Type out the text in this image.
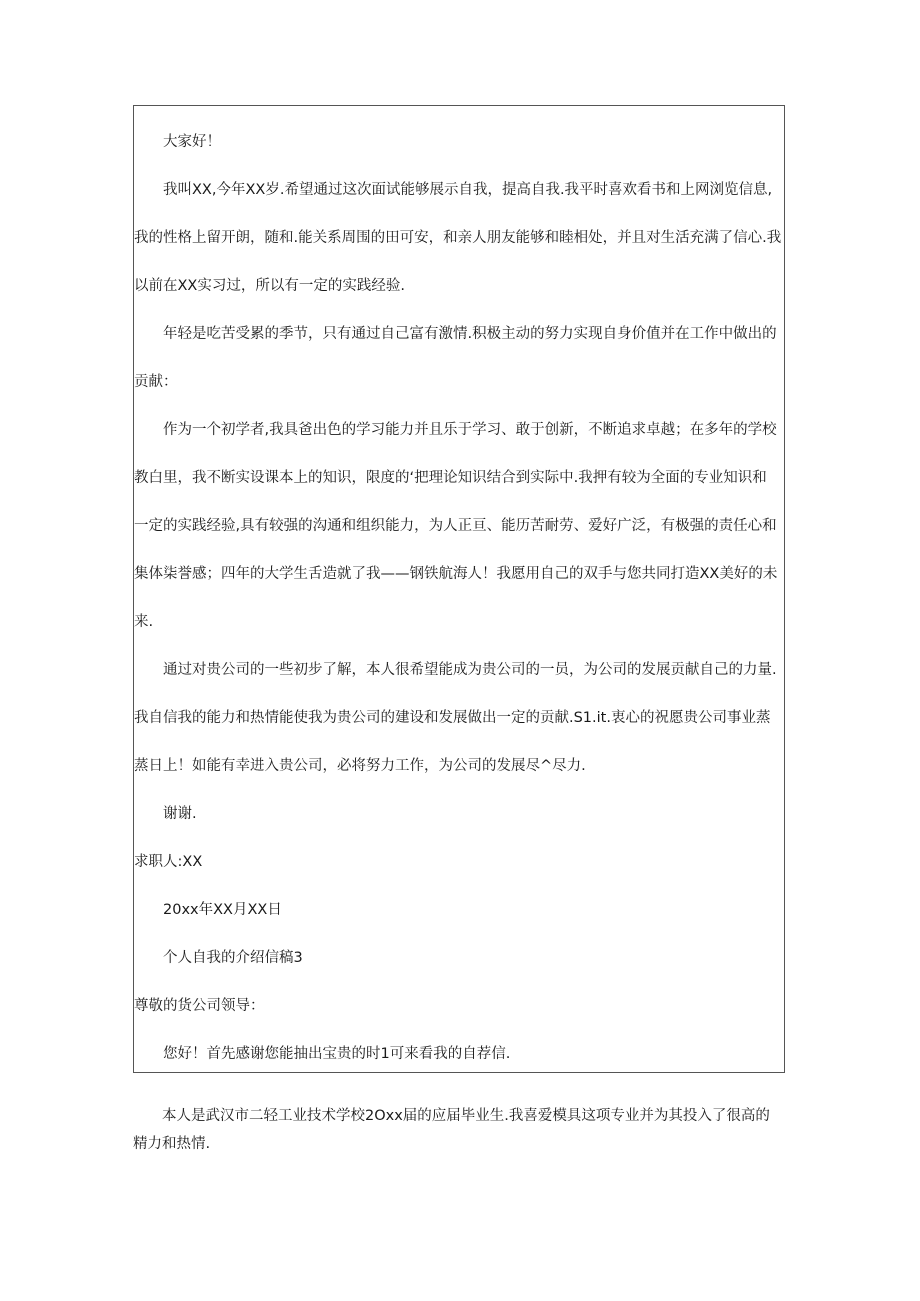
　　大家好！
　　我叫XX,今年XX岁.希望通过这次面试能够展示自我，提高自我.我平时喜欢看书和上网浏览信息,
我的性格上留开朗，随和.能关系周围的田可安，和亲人朋友能够和睦相处，并且对生活充满了信心.我
以前在XX实习过，所以有一定的实践经验.
　　年轻是吃苦受累的季节，只有通过自己富有激情.积极主动的努力实现自身价值并在工作中做出的
贡献：
　　作为一个初学者,我具爸出色的学习能力并且乐于学习、敢于创新，不断追求卓越；在多年的学校
教白里，我不断实设课本上的知识，限度的‘把理论知识结合到实际中.我押有较为全面的专业知识和
一定的实践经验,具有较强的沟通和组织能力，为人正亘、能历苦耐劳、爱好广泛，有极强的责任心和
集体柒誉感；四年的大学生舌造就了我——钢铁航海人！我愿用自己的双手与您共同打造XX美好的未
来.
　　通过对贵公司的一些初步了解，本人很希望能成为贵公司的一员，为公司的发展贡献自己的力量.
我自信我的能力和热情能使我为贵公司的建设和发展做出一定的贡献.S1.it.衷心的祝愿贵公司事业蒸
蒸日上！如能有幸进入贵公司，必将努力工作，为公司的发展尽^尽力.
　　谢谢.
求职人:XX
　　20xx年XX月XX日
　　个人自我的介绍信稿3
尊敬的货公司领导：
　　您好！首先感谢您能抽出宝贵的时1可来看我的自荐信.
　　本人是武汉市二轻工业技术学校2Oxx届的应届毕业生.我喜爱模具这项专业并为其投入了很高的
精力和热情.
